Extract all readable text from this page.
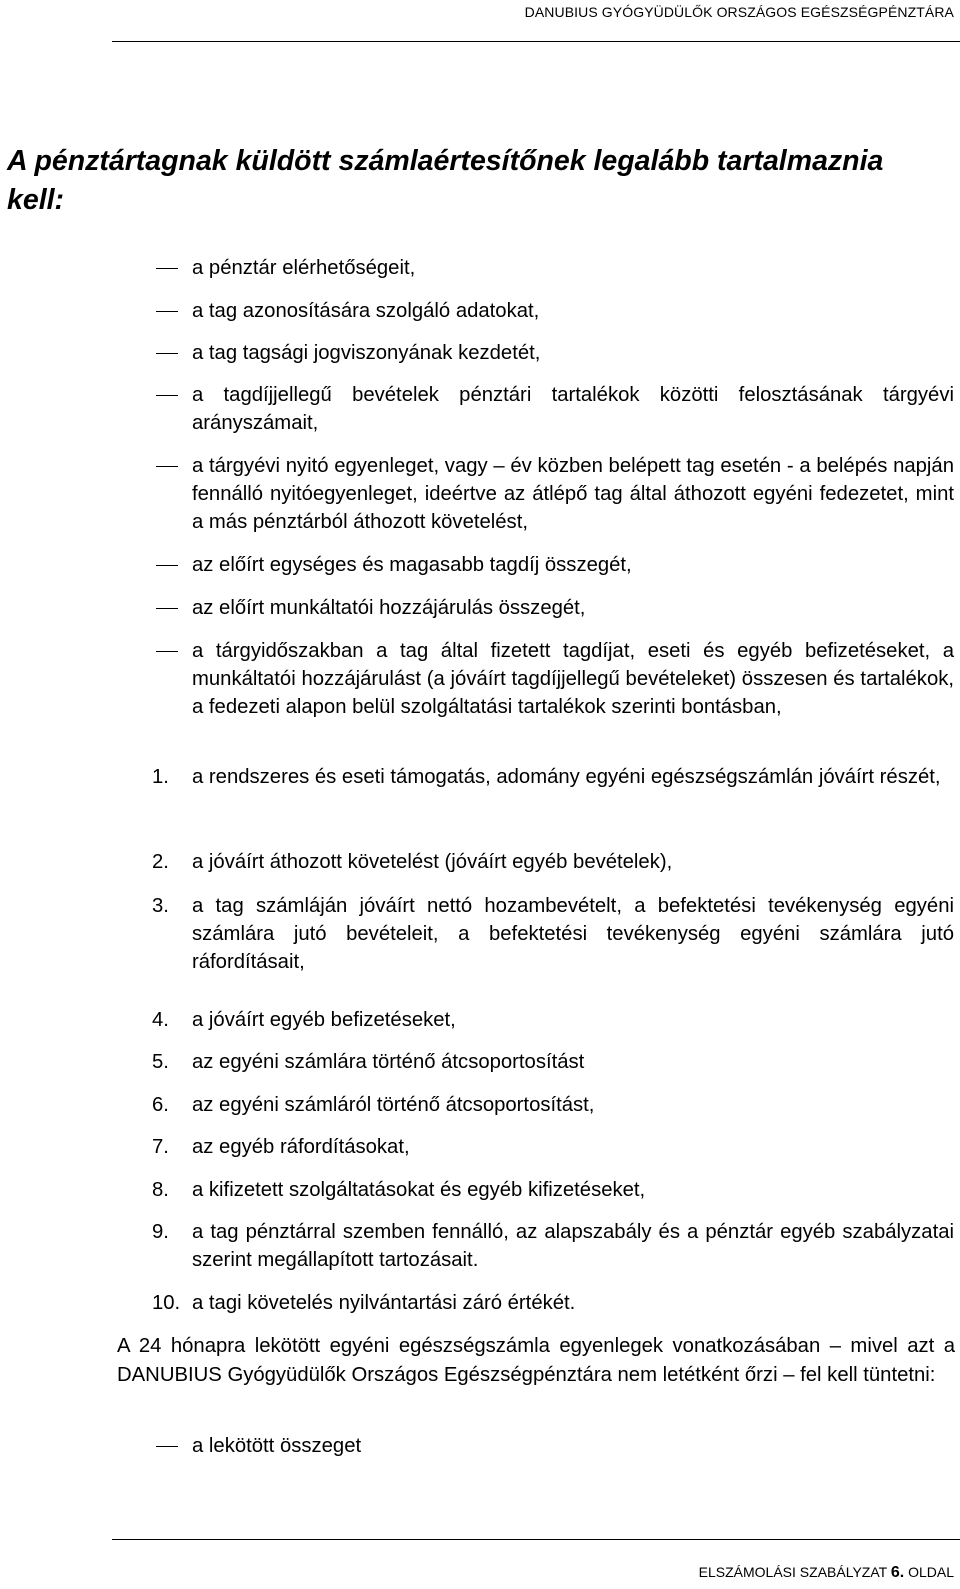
DANUBIUS GYÓGYÜDÜLŐK ORSZÁGOS EGÉSZSÉGPÉNZTÁRA
A pénztártagnak küldött számlaértesítőnek legalább tartalmaznia kell:
a pénztár elérhetőségeit,
a tag azonosítására szolgáló adatokat,
a tag tagsági jogviszonyának kezdetét,
a tagdíjjellegű bevételek pénztári tartalékok közötti felosztásának tárgyévi arányszámait,
a tárgyévi nyitó egyenleget, vagy – év közben belépett tag esetén - a belépés napján fennálló nyitóegyenleget, ideértve az átlépő tag által áthozott egyéni fedezetet, mint a más pénztárból áthozott követelést,
az előírt egységes és magasabb tagdíj összegét,
az előírt munkáltatói hozzájárulás összegét,
a tárgyidőszakban a tag által fizetett tagdíjat, eseti és egyéb befizetéseket, a munkáltatói hozzájárulást (a jóváírt tagdíjjellegű bevételeket) összesen és tartalékok, a fedezeti alapon belül szolgáltatási tartalékok szerinti bontásban,
1. a rendszeres és eseti támogatás, adomány egyéni egészségszámlán jóváírt részét,
2. a jóváírt áthozott követelést (jóváírt egyéb bevételek),
3. a tag számláján jóváírt nettó hozambevételt, a befektetési tevékenység egyéni számlára jutó bevételeit, a befektetési tevékenység egyéni számlára jutó ráfordításait,
4. a jóváírt egyéb befizetéseket,
5. az egyéni számlára történő átcsoportosítást
6. az egyéni számláról történő átcsoportosítást,
7. az egyéb ráfordításokat,
8. a kifizetett szolgáltatásokat és egyéb kifizetéseket,
9. a tag pénztárral szemben fennálló, az alapszabály és a pénztár egyéb szabályzatai szerint megállapított tartozásait.
10. a tagi követelés nyilvántartási záró értékét.
A 24 hónapra lekötött egyéni egészségszámla egyenlegek vonatkozásában – mivel azt a DANUBIUS Gyógyüdülők Országos Egészségpénztára nem letétként őrzi – fel kell tüntetni:
a lekötött összeget
ELSZÁMOLÁSI SZABÁLYZAT 6. OLDAL
